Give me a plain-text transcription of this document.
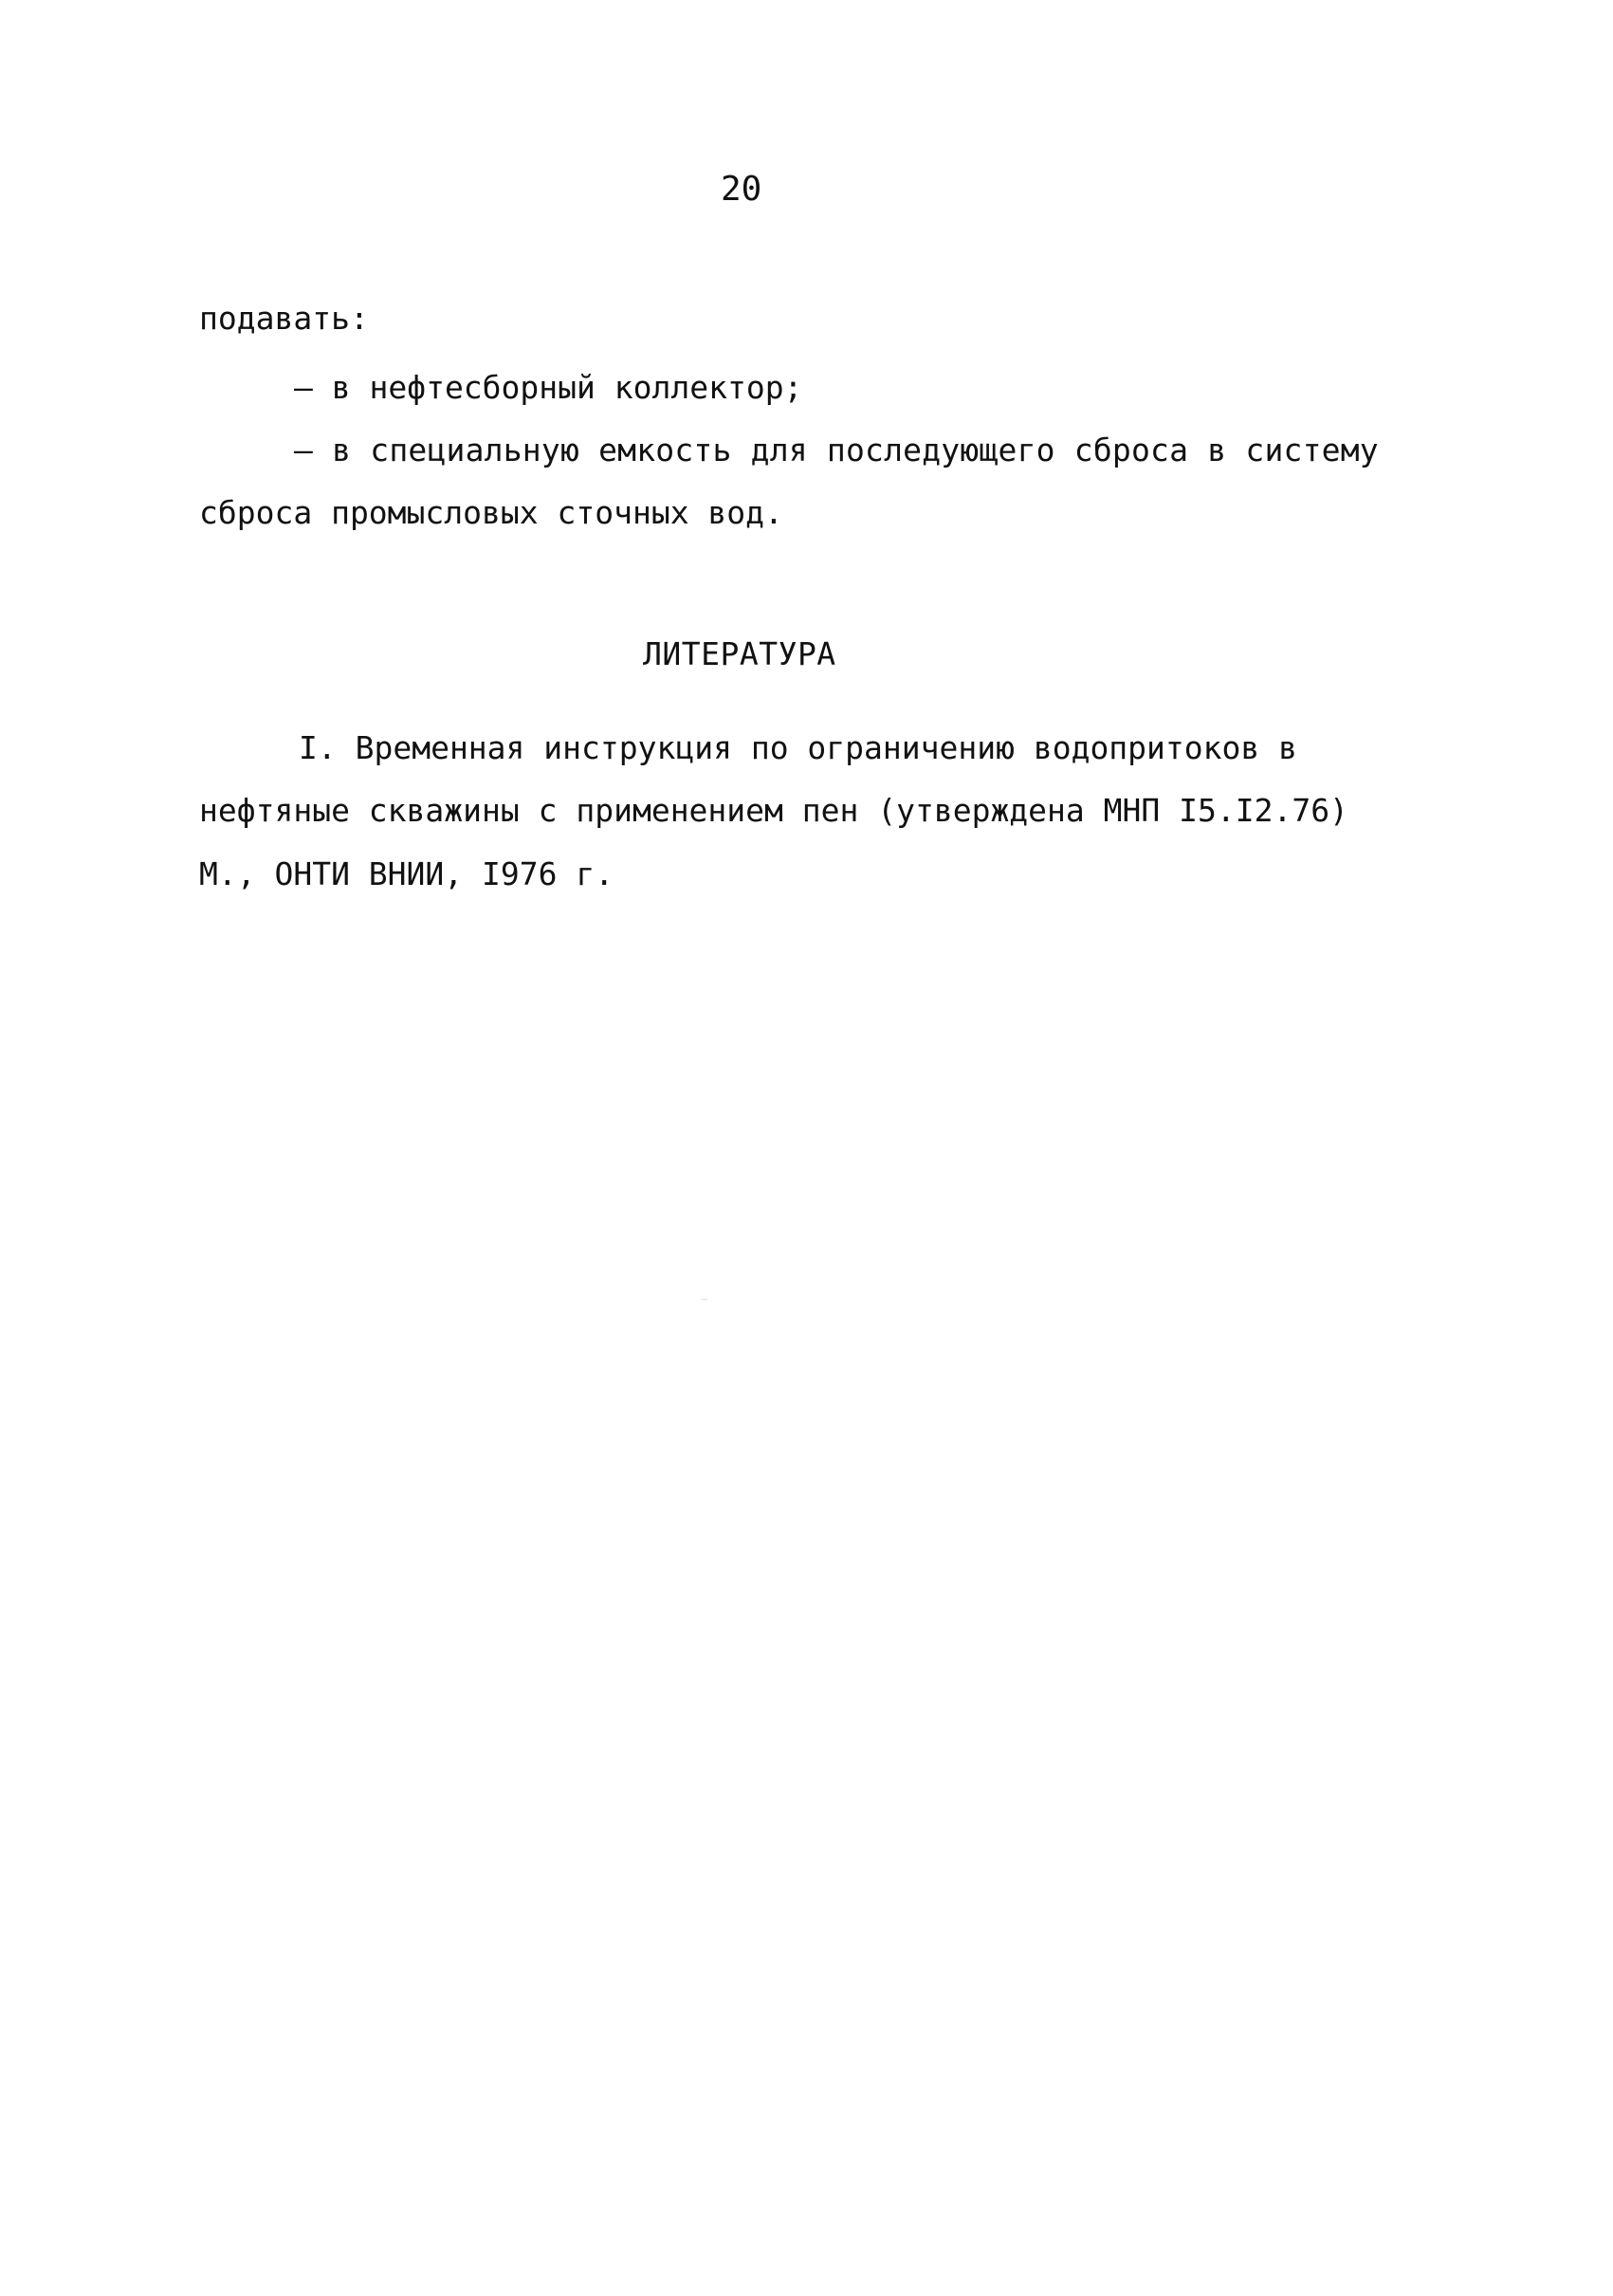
20
подавать:
– в нефтесборный коллектор;
– в специальную емкость для последующего сброса в систему
сброса промысловых сточных вод.
ЛИТЕРАТУРА
I. Временная инструкция по ограничению водопритоков в
нефтяные скважины с применением пен (утверждена МНП I5.I2.76)
М., ОНТИ ВНИИ, I976 г.
